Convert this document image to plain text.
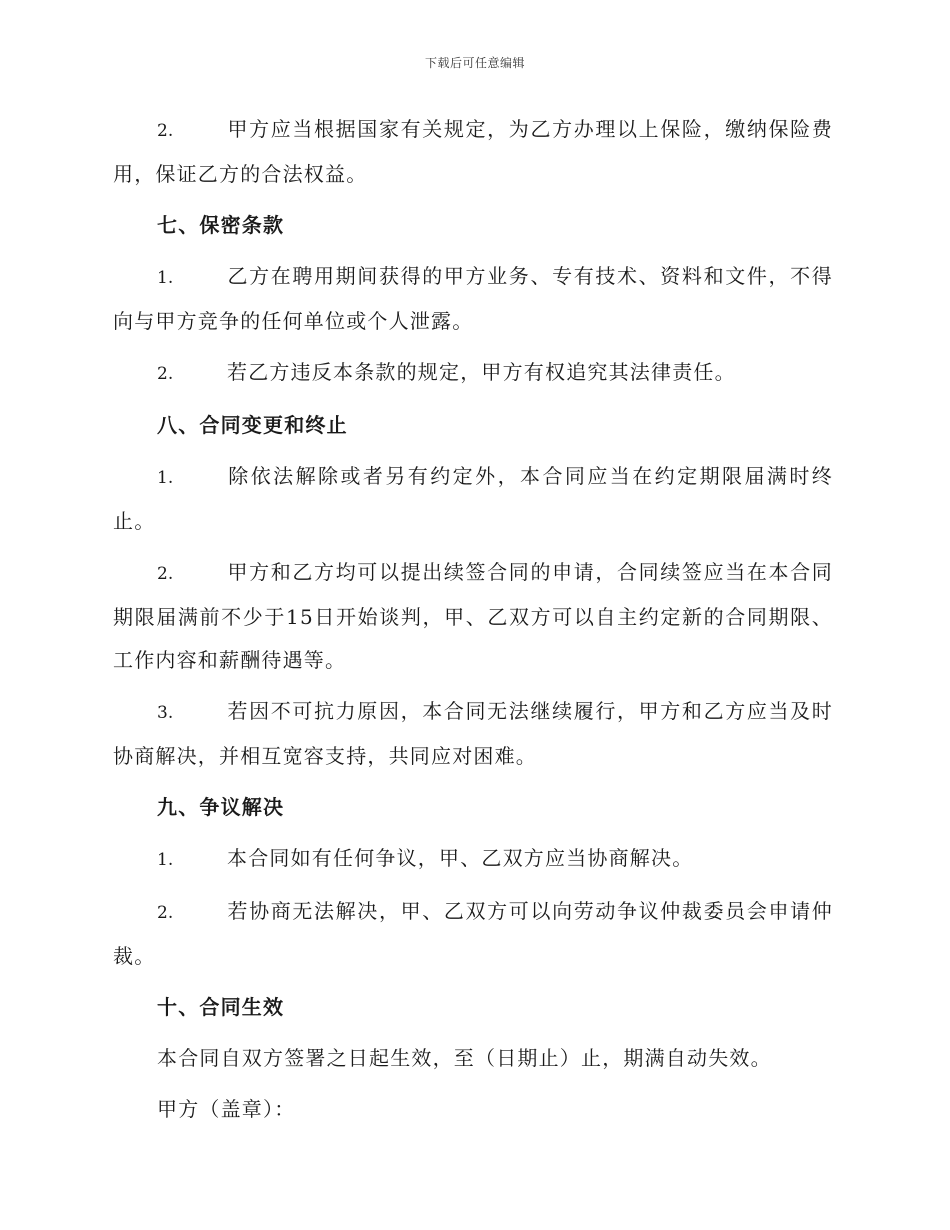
下载后可任意编辑
2.	甲方应当根据国家有关规定，为乙方办理以上保险，缴纳保险费用，保证乙方的合法权益。
七、保密条款
1.	乙方在聘用期间获得的甲方业务、专有技术、资料和文件，不得向与甲方竞争的任何单位或个人泄露。
2.	若乙方违反本条款的规定，甲方有权追究其法律责任。
八、合同变更和终止
1.	除依法解除或者另有约定外，本合同应当在约定期限届满时终止。
2.	甲方和乙方均可以提出续签合同的申请，合同续签应当在本合同期限届满前不少于15日开始谈判，甲、乙双方可以自主约定新的合同期限、工作内容和薪酬待遇等。
3.	若因不可抗力原因，本合同无法继续履行，甲方和乙方应当及时协商解决，并相互宽容支持，共同应对困难。
九、争议解决
1.	本合同如有任何争议，甲、乙双方应当协商解决。
2.	若协商无法解决，甲、乙双方可以向劳动争议仲裁委员会申请仲裁。
十、合同生效
本合同自双方签署之日起生效，至（日期止）止，期满自动失效。
甲方（盖章）：
